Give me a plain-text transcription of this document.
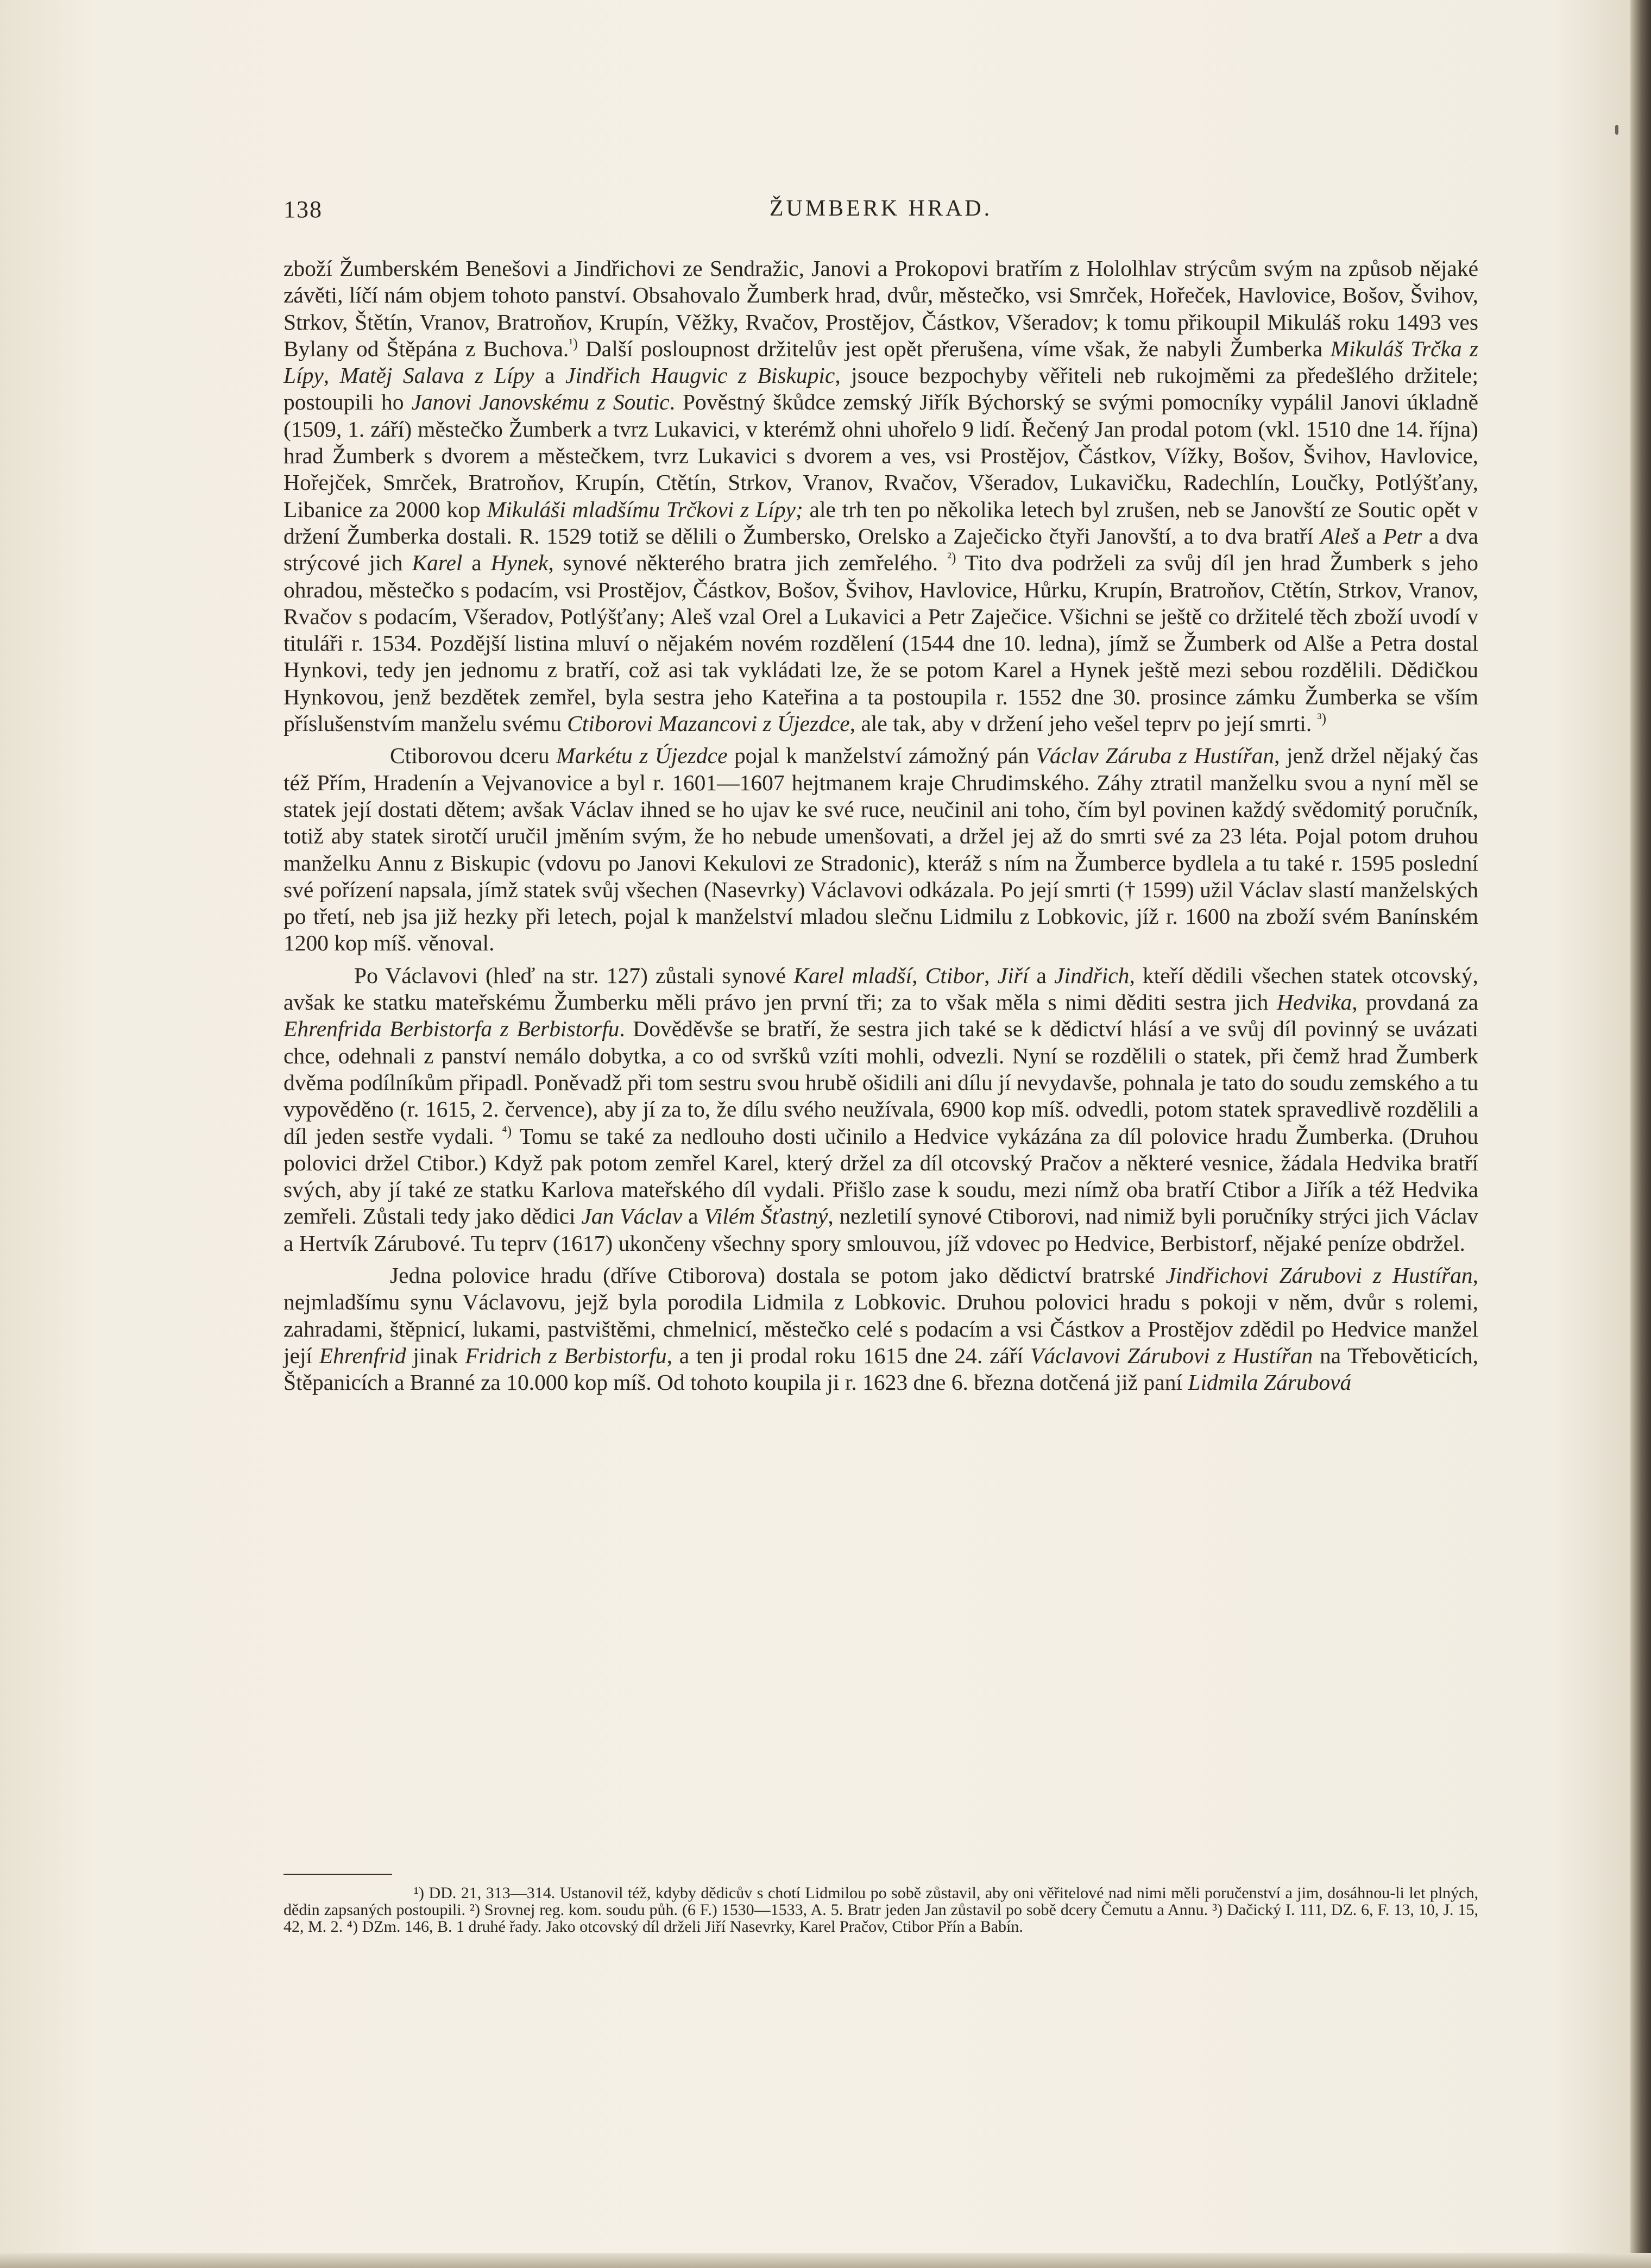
138	ŽUMBERK HRAD.

zboží Žumberském Benešovi a Jindřichovi ze Sendražic, Janovi a Prokopovi bratřím z Hololhlav strýcům svým na způsob nějaké závěti, líčí nám objem tohoto panství. Obsahovalo Žumberk hrad, dvůr, městečko, vsi Smrček, Hořeček, Havlovice, Bošov, Švihov, Strkov, Štětín, Vranov, Bratroňov, Krupín, Věžky, Rvačov, Prostějov, Částkov, Všeradov; k tomu přikoupil Mikuláš roku 1493 ves Bylany od Štěpána z Buchova.$^{^1)}$ Další posloupnost držitelův jest opět přerušena, víme však, že nabyli Žumberka Mikuláš Trčka z Lípy, Matěj Salava z Lípy a Jindřich Haugvic z Biskupic, jsouce bezpochyby věřiteli neb rukojměmi za předešlého držitele; postoupili ho Janovi Janovskému z Soutic. Pověstný škůdce zemský Jiřík Býchorský se svými pomocníky vypálil Janovi úkladně (1509, 1. září) městečko Žumberk a tvrz Lukavici, v kterémž ohni uhořelo 9 lidí. Řečený Jan prodal potom (vkl. 1510 dne 14. října) hrad Žumberk s dvorem a městečkem, tvrz Lukavici s dvorem a ves, vsi Prostějov, Částkov, Vížky, Bošov, Švihov, Havlovice, Hořejček, Smrček, Bratroňov, Krupín, Ctětín, Strkov, Vranov, Rvačov, Všeradov, Lukavičku, Radechlín, Loučky, Potlýšťany, Libanice za 2000 kop Mikuláši mladšímu Trčkovi z Lípy; ale trh ten po několika letech byl zrušen, neb se Janovští ze Soutic opět v držení Žumberka dostali. R. 1529 totiž se dělili o Žumbersko, Orelsko a Zaječicko čtyři Janovští, a to dva bratří Aleš a Petr a dva strýcové jich Karel a Hynek, synové některého bratra jich zemřelého. $^{^2)}$ Tito dva podrželi za svůj díl jen hrad Žumberk s jeho ohradou, městečko s podacím, vsi Prostějov, Částkov, Bošov, Švihov, Havlovice, Hůrku, Krupín, Bratroňov, Ctětín, Strkov, Vranov, Rvačov s podacím, Všeradov, Potlýšťany; Aleš vzal Orel a Lukavici a Petr Zaječice. Všichni se ještě co držitelé těch zboží uvodí v tituláři r. 1534. Pozdější listina mluví o nějakém novém rozdělení (1544 dne 10. ledna), jímž se Žumberk od Alše a Petra dostal Hynkovi, tedy jen jednomu z bratří, což asi tak vykládati lze, že se potom Karel a Hynek ještě mezi sebou rozdělili. Dědičkou Hynkovou, jenž bezdětek zemřel, byla sestra jeho Kateřina a ta postoupila r. 1552 dne 30. prosince zámku Žumberka se vším příslušenstvím manželu svému Ctiborovi Mazancovi z Újezdce, ale tak, aby v držení jeho vešel teprv po její smrti. $^{^3)}$

Ctiborovou dceru Markétu z Újezdce pojal k manželství zámožný pán Václav Záruba z Hustířan, jenž držel nějaký čas též Přím, Hradenín a Vejvanovice a byl r. 1601—1607 hejtmanem kraje Chrudimského. Záhy ztratil manželku svou a nyní měl se statek její dostati dětem; avšak Václav ihned se ho ujav ke své ruce, neučinil ani toho, čím byl povinen každý svědomitý poručník, totiž aby statek sirotčí uručil jměním svým, že ho nebude umenšovati, a držel jej až do smrti své za 23 léta. Pojal potom druhou manželku Annu z Biskupic (vdovu po Janovi Kekulovi ze Stradonic), kteráž s ním na Žumberce bydlela a tu také r. 1595 poslední své pořízení napsala, jímž statek svůj všechen (Nasevrky) Václavovi odkázala. Po její smrti († 1599) užil Václav slastí manželských po třetí, neb jsa již hezky při letech, pojal k manželství mladou slečnu Lidmilu z Lobkovic, jíž r. 1600 na zboží svém Banínském 1200 kop míš. věnoval.

Po Václavovi (hleď na str. 127) zůstali synové Karel mladší, Ctibor, Jiří a Jindřich, kteří dědili všechen statek otcovský, avšak ke statku mateřskému Žumberku měli právo jen první tři; za to však měla s nimi děditi sestra jich Hedvika, provdaná za Ehrenfrida Berbistorfa z Berbistorfu. Dověděvše se bratří, že sestra jich také se k dědictví hlásí a ve svůj díl povinný se uvázati chce, odehnali z panství nemálo dobytka, a co od svršků vzíti mohli, odvezli. Nyní se rozdělili o statek, při čemž hrad Žumberk dvěma podílníkům připadl. Poněvadž při tom sestru svou hrubě ošidili ani dílu jí nevydavše, pohnala je tato do soudu zemského a tu vypověděno (r. 1615, 2. července), aby jí za to, že dílu svého neužívala, 6900 kop míš. odvedli, potom statek spravedlivě rozdělili a díl jeden sestře vydali. $^{^4)}$ Tomu se také za nedlouho dosti učinilo a Hedvice vykázána za díl polovice hradu Žumberka. (Druhou polovici držel Ctibor.) Když pak potom zemřel Karel, který držel za díl otcovský Pračov a některé vesnice, žádala Hedvika bratří svých, aby jí také ze statku Karlova mateřského díl vydali. Přišlo zase k soudu, mezi nímž oba bratří Ctibor a Jiřík a též Hedvika zemřeli. Zůstali tedy jako dědici Jan Václav a Vilém Šťastný, nezletilí synové Ctiborovi, nad nimiž byli poručníky strýci jich Václav a Hertvík Zárubové. Tu teprv (1617) ukončeny všechny spory smlouvou, jíž vdovec po Hedvice, Berbistorf, nějaké peníze obdržel.

Jedna polovice hradu (dříve Ctiborova) dostala se potom jako dědictví bratrské Jindřichovi Zárubovi z Hustířan, nejmladšímu synu Václavovu, jejž byla porodila Lidmila z Lobkovic. Druhou polovici hradu s pokoji v něm, dvůr s rolemi, zahradami, štěpnicí, lukami, pastvištěmi, chmelnicí, městečko celé s podacím a vsi Částkov a Prostějov zdědil po Hedvice manžel její Ehrenfrid jinak Fridrich z Berbistorfu, a ten ji prodal roku 1615 dne 24. září Václavovi Zárubovi z Hustířan na Třebověticích, Štěpanicích a Branné za 10.000 kop míš. Od tohoto koupila ji r. 1623 dne 6. března dotčená již paní Lidmila Zárubová

¹) DD. 21, 313—314. Ustanovil též, kdyby dědicův s chotí Lidmilou po sobě zůstavil, aby oni věřitelové nad nimi měli poručenství a jim, dosáhnou-li let plných, dědin zapsaných postoupili. ²) Srovnej reg. kom. soudu půh. (6 F.) 1530—1533, A. 5. Bratr jeden Jan zůstavil po sobě dcery Čemutu a Annu. ³) Dačický I. 111, DZ. 6, F. 13, 10, J. 15, 42, M. 2. ⁴) DZm. 146, B. 1 druhé řady. Jako otcovský díl drželi Jiří Nasevrky, Karel Pračov, Ctibor Přín a Babín.
